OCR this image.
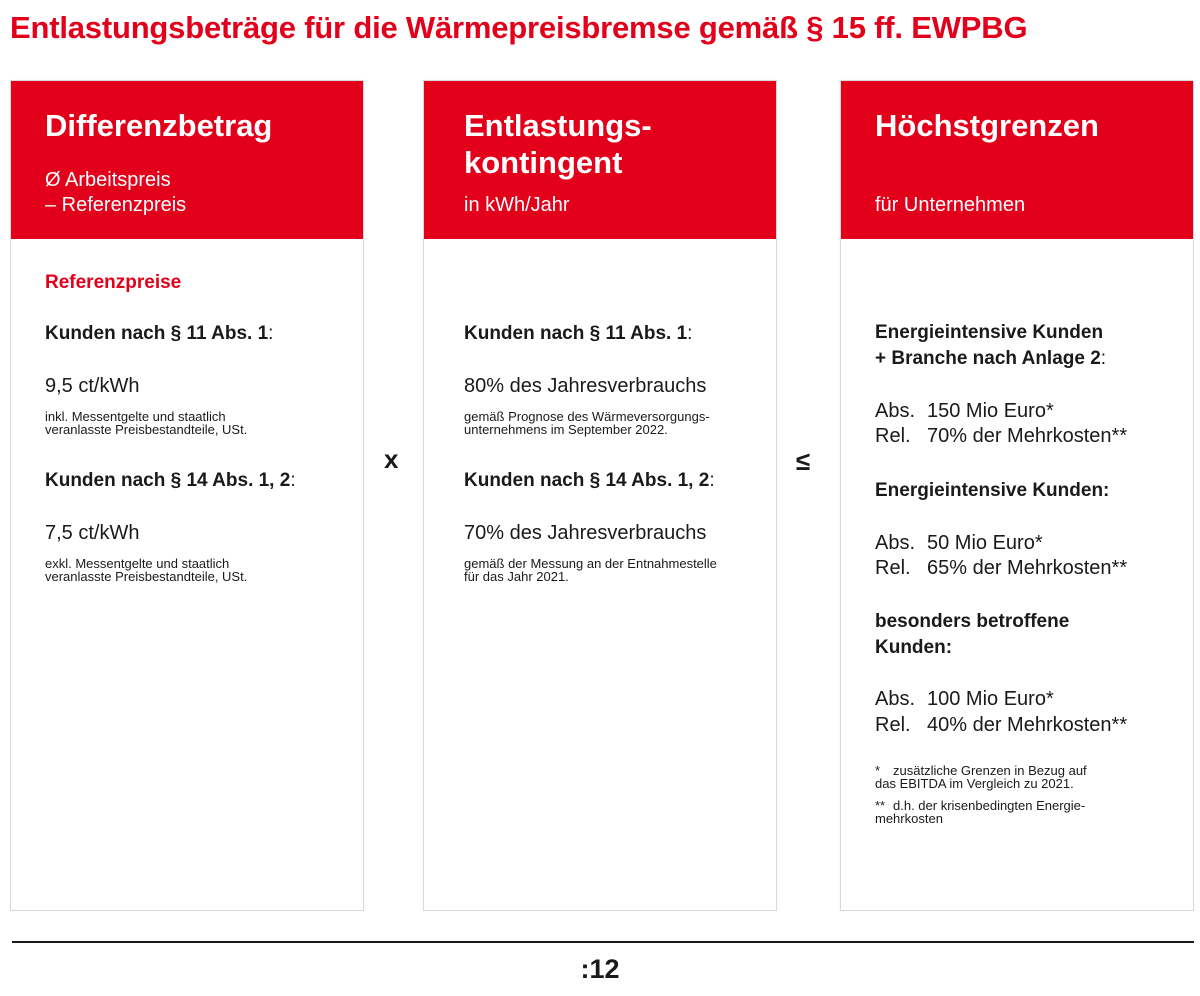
Entlastungsbeträge für die Wärmepreisbremse gemäß § 15 ff. EWPBG
Differenzbetrag
Ø Arbeitspreis
– Referenzpreis
Referenzpreise
Kunden nach § 11 Abs. 1:
9,5 ct/kWh
inkl. Messentgelte und staatlich
veranlasste Preisbestandteile, USt.
Kunden nach § 14 Abs. 1, 2:
7,5 ct/kWh
exkl. Messentgelte und staatlich
veranlasste Preisbestandteile, USt.
x
Entlastungs-
kontingent
in kWh/Jahr
Kunden nach § 11 Abs. 1:
80% des Jahresverbrauchs
gemäß Prognose des Wärmeversorgungs-
unternehmens im September 2022.
Kunden nach § 14 Abs. 1, 2:
70% des Jahresverbrauchs
gemäß der Messung an der Entnahmestelle
für das Jahr 2021.
≤
Höchstgrenzen
für Unternehmen
Energieintensive Kunden
+ Branche nach Anlage 2:
Abs. 150 Mio Euro*
Rel. 70% der Mehrkosten**
Energieintensive Kunden:
Abs. 50 Mio Euro*
Rel. 65% der Mehrkosten**
besonders betroffene
Kunden:
Abs. 100 Mio Euro*
Rel. 40% der Mehrkosten**
* zusätzliche Grenzen in Bezug auf
das EBITDA im Vergleich zu 2021.
** d.h. der krisenbedingten Energie-
mehrkosten
:12
